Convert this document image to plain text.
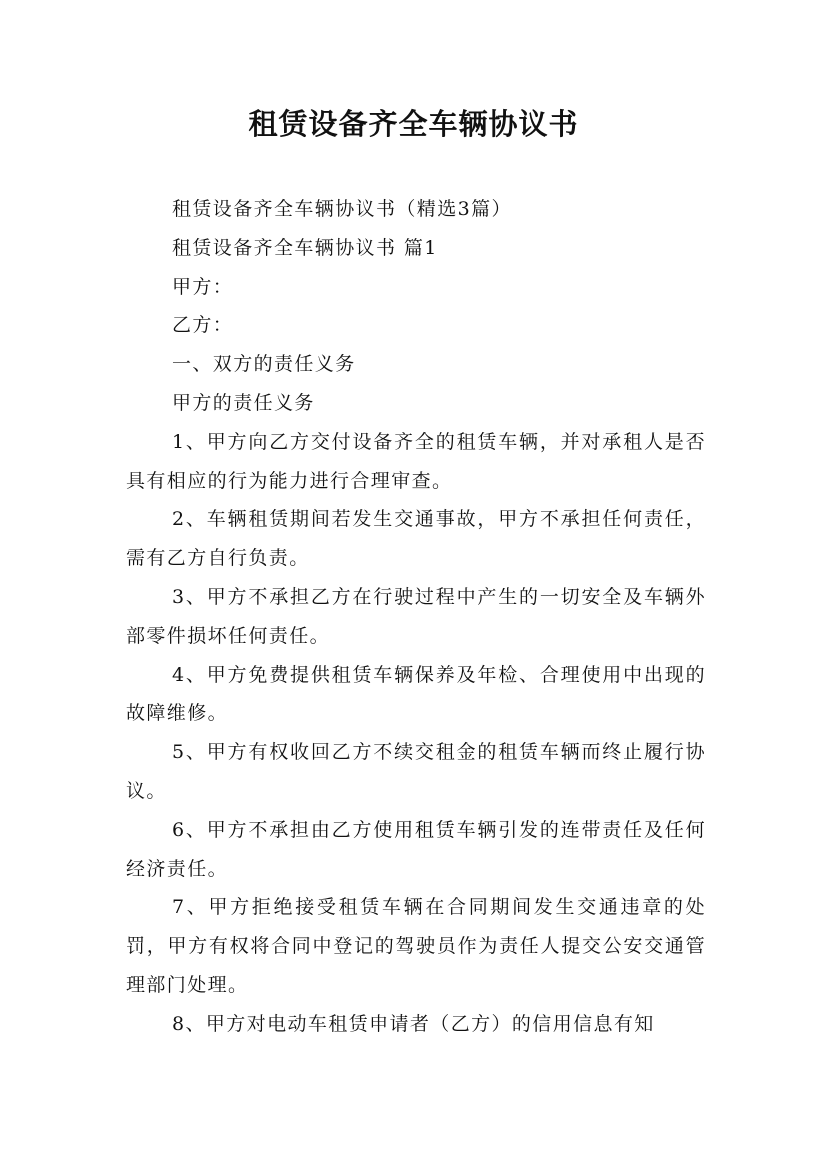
租赁设备齐全车辆协议书
租赁设备齐全车辆协议书（精选3篇）
租赁设备齐全车辆协议书 篇1
甲方：
乙方：
一、双方的责任义务
甲方的责任义务
1、甲方向乙方交付设备齐全的租赁车辆，并对承租人是否具有相应的行为能力进行合理审查。
2、车辆租赁期间若发生交通事故，甲方不承担任何责任，需有乙方自行负责。
3、甲方不承担乙方在行驶过程中产生的一切安全及车辆外部零件损坏任何责任。
4、甲方免费提供租赁车辆保养及年检、合理使用中出现的故障维修。
5、甲方有权收回乙方不续交租金的租赁车辆而终止履行协议。
6、甲方不承担由乙方使用租赁车辆引发的连带责任及任何经济责任。
7、甲方拒绝接受租赁车辆在合同期间发生交通违章的处罚，甲方有权将合同中登记的驾驶员作为责任人提交公安交通管理部门处理。
8、甲方对电动车租赁申请者（乙方）的信用信息有知
